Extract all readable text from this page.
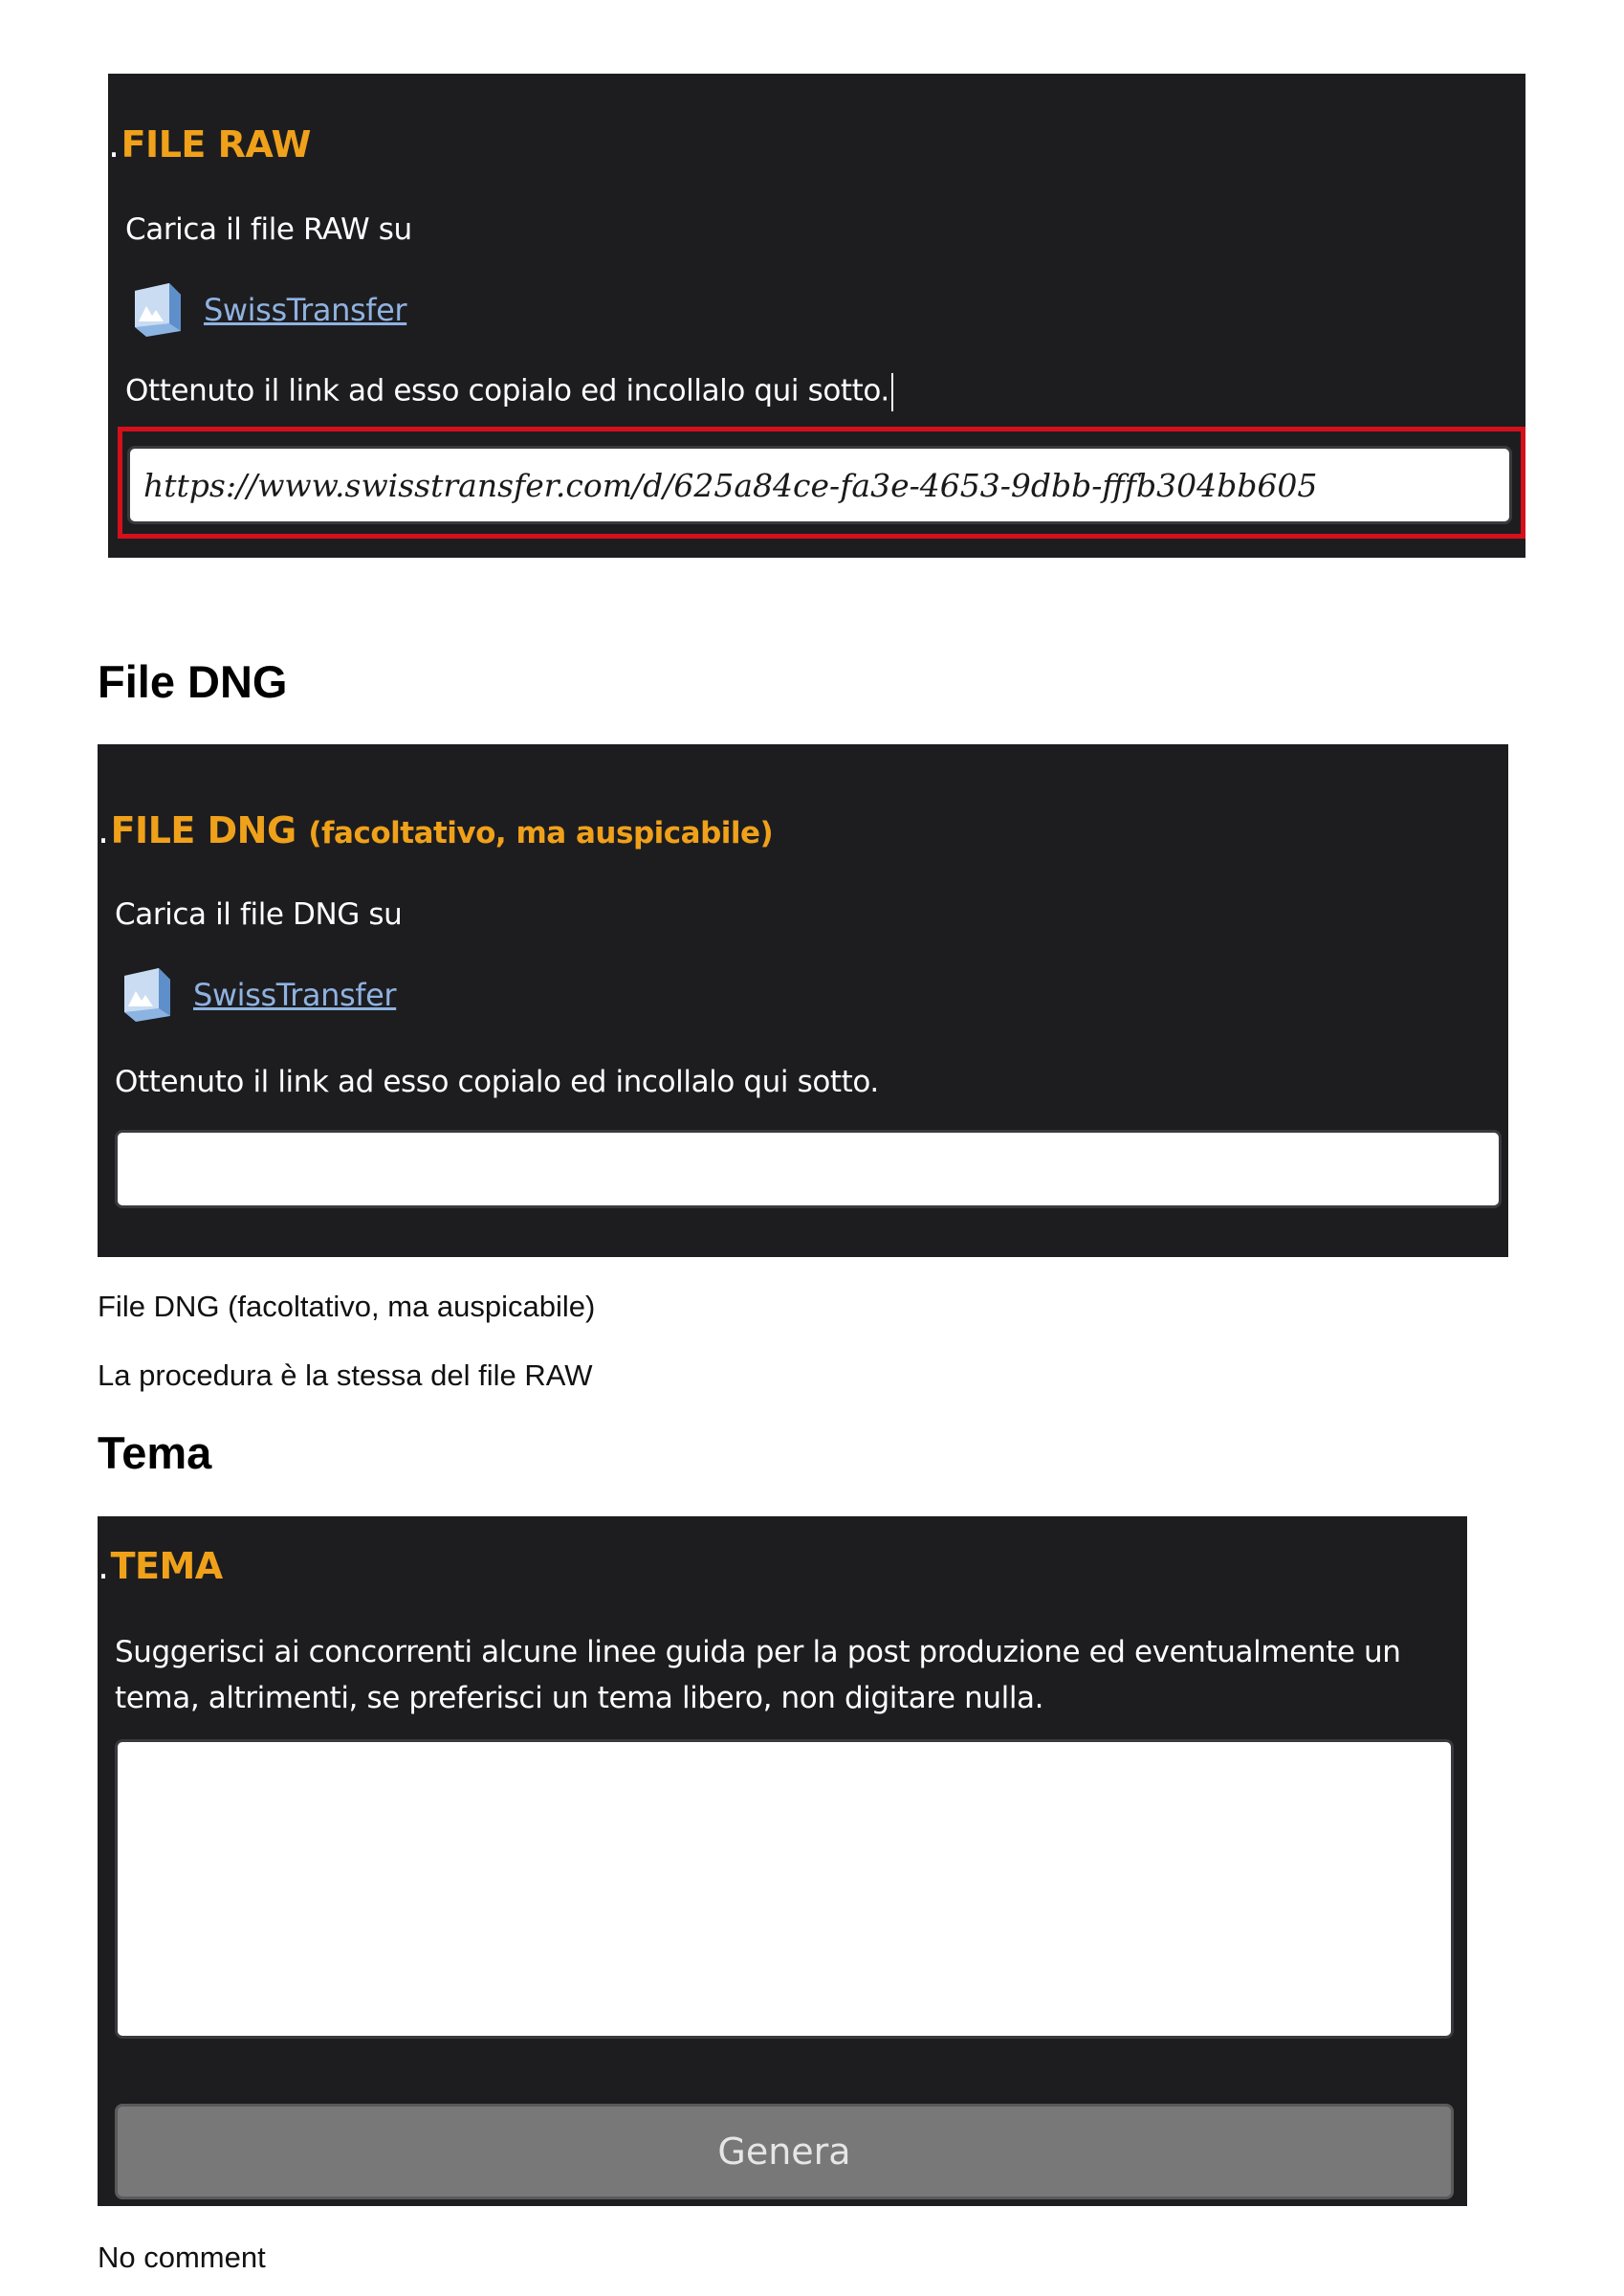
.FILE RAW
Carica il file RAW su
SwissTransfer
Ottenuto il link ad esso copialo ed incollalo qui sotto.
https://www.swisstransfer.com/d/625a84ce-fa3e-4653-9dbb-fffb304bb605
File DNG
.FILE DNG (facoltativo, ma auspicabile)
Carica il file DNG su
SwissTransfer
Ottenuto il link ad esso copialo ed incollalo qui sotto.

File DNG (facoltativo, ma auspicabile)

La procedura è la stessa del file RAW

Tema
.TEMA
Suggerisci ai concorrenti alcune linee guida per la post produzione ed eventualmente un tema, altrimenti, se preferisci un tema libero, non digitare nulla.
Genera

No comment
